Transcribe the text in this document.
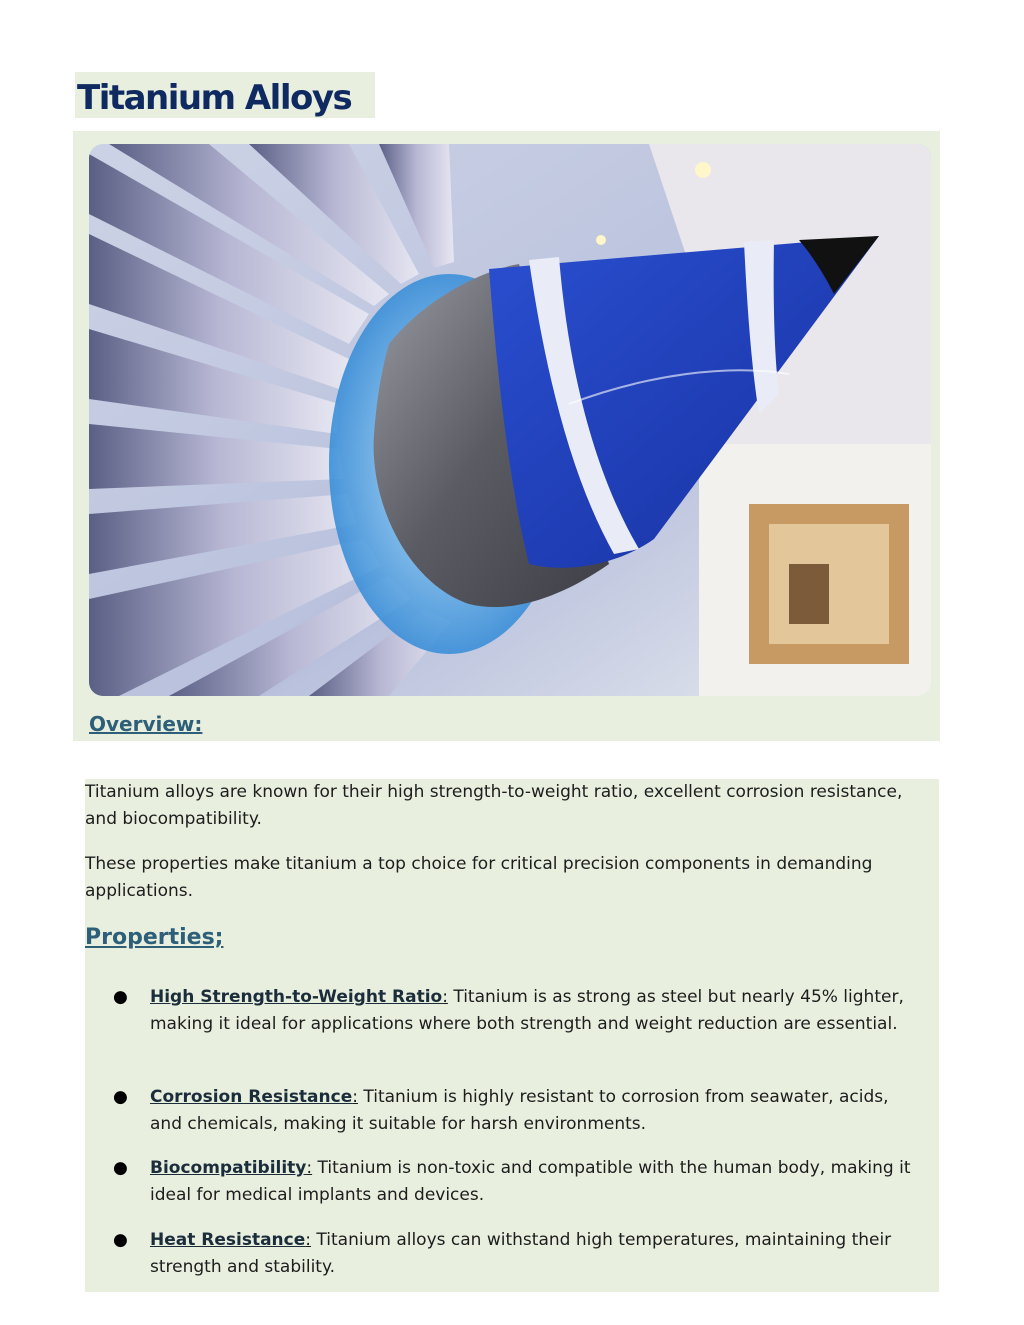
Titanium Alloys
Overview:

Titanium alloys are known for their high strength-to-weight ratio, excellent corrosion resistance, and biocompatibility.

These properties make titanium a top choice for critical precision components in demanding applications.

Properties;
● High Strength-to-Weight Ratio: Titanium is as strong as steel but nearly 45% lighter, making it ideal for applications where both strength and weight reduction are essential.
● Corrosion Resistance: Titanium is highly resistant to corrosion from seawater, acids, and chemicals, making it suitable for harsh environments.
● Biocompatibility: Titanium is non-toxic and compatible with the human body, making it ideal for medical implants and devices.
● Heat Resistance: Titanium alloys can withstand high temperatures, maintaining their strength and stability.
